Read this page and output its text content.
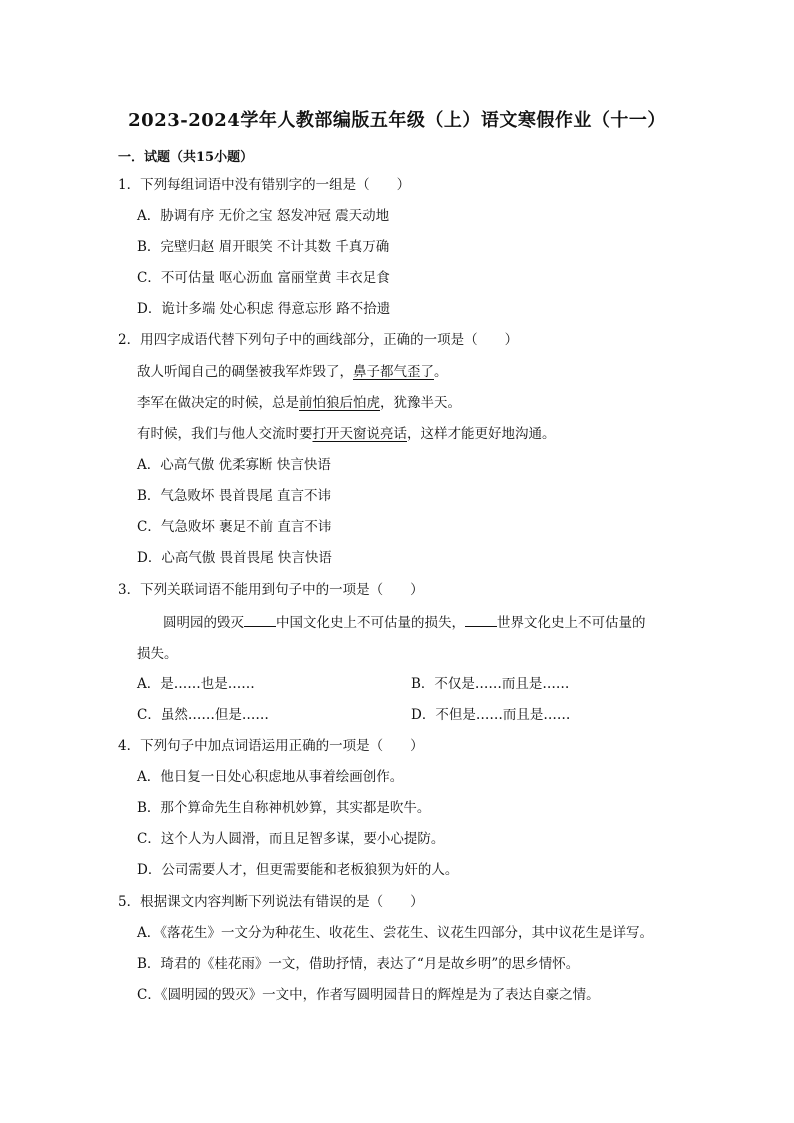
2023-2024学年人教部编版五年级（上）语文寒假作业（十一）
一．试题（共15小题）
1．下列每组词语中没有错别字的一组是（　　）
A．胁调有序 无价之宝 怒发冲冠 震天动地
B．完壁归赵 眉开眼笑 不计其数 千真万确
C．不可估量 呕心沥血 富丽堂黄 丰衣足食
D．诡计多端 处心积虑 得意忘形 路不拾遗
2．用四字成语代替下列句子中的画线部分，正确的一项是（　　）
敌人听闻自己的碉堡被我军炸毁了，鼻子都气歪了。
李军在做决定的时候，总是前怕狼后怕虎，犹豫半天。
有时候，我们与他人交流时要打开天窗说亮话，这样才能更好地沟通。
A．心高气傲 优柔寡断 快言快语
B．气急败坏 畏首畏尾 直言不讳
C．气急败坏 裹足不前 直言不讳
D．心高气傲 畏首畏尾 快言快语
3．下列关联词语不能用到句子中的一项是（　　）
圆明园的毁灭 中国文化史上不可估量的损失， 世界文化史上不可估量的
损失。
A．是……也是……	B．不仅是……而且是……
C．虽然……但是……	D．不但是……而且是……
4．下列句子中加点词语运用正确的一项是（　　）
A．他日复一日处心积虑地从事着绘画创作。
B．那个算命先生自称神机妙算，其实都是吹牛。
C．这个人为人圆滑，而且足智多谋，要小心提防。
D．公司需要人才，但更需要能和老板狼狈为奸的人。
5．根据课文内容判断下列说法有错误的是（　　）
A．《落花生》一文分为种花生、收花生、尝花生、议花生四部分，其中议花生是详写。
B．琦君的《桂花雨》一文，借助抒情，表达了“月是故乡明”的思乡情怀。
C．《圆明园的毁灭》一文中，作者写圆明园昔日的辉煌是为了表达自豪之情。
